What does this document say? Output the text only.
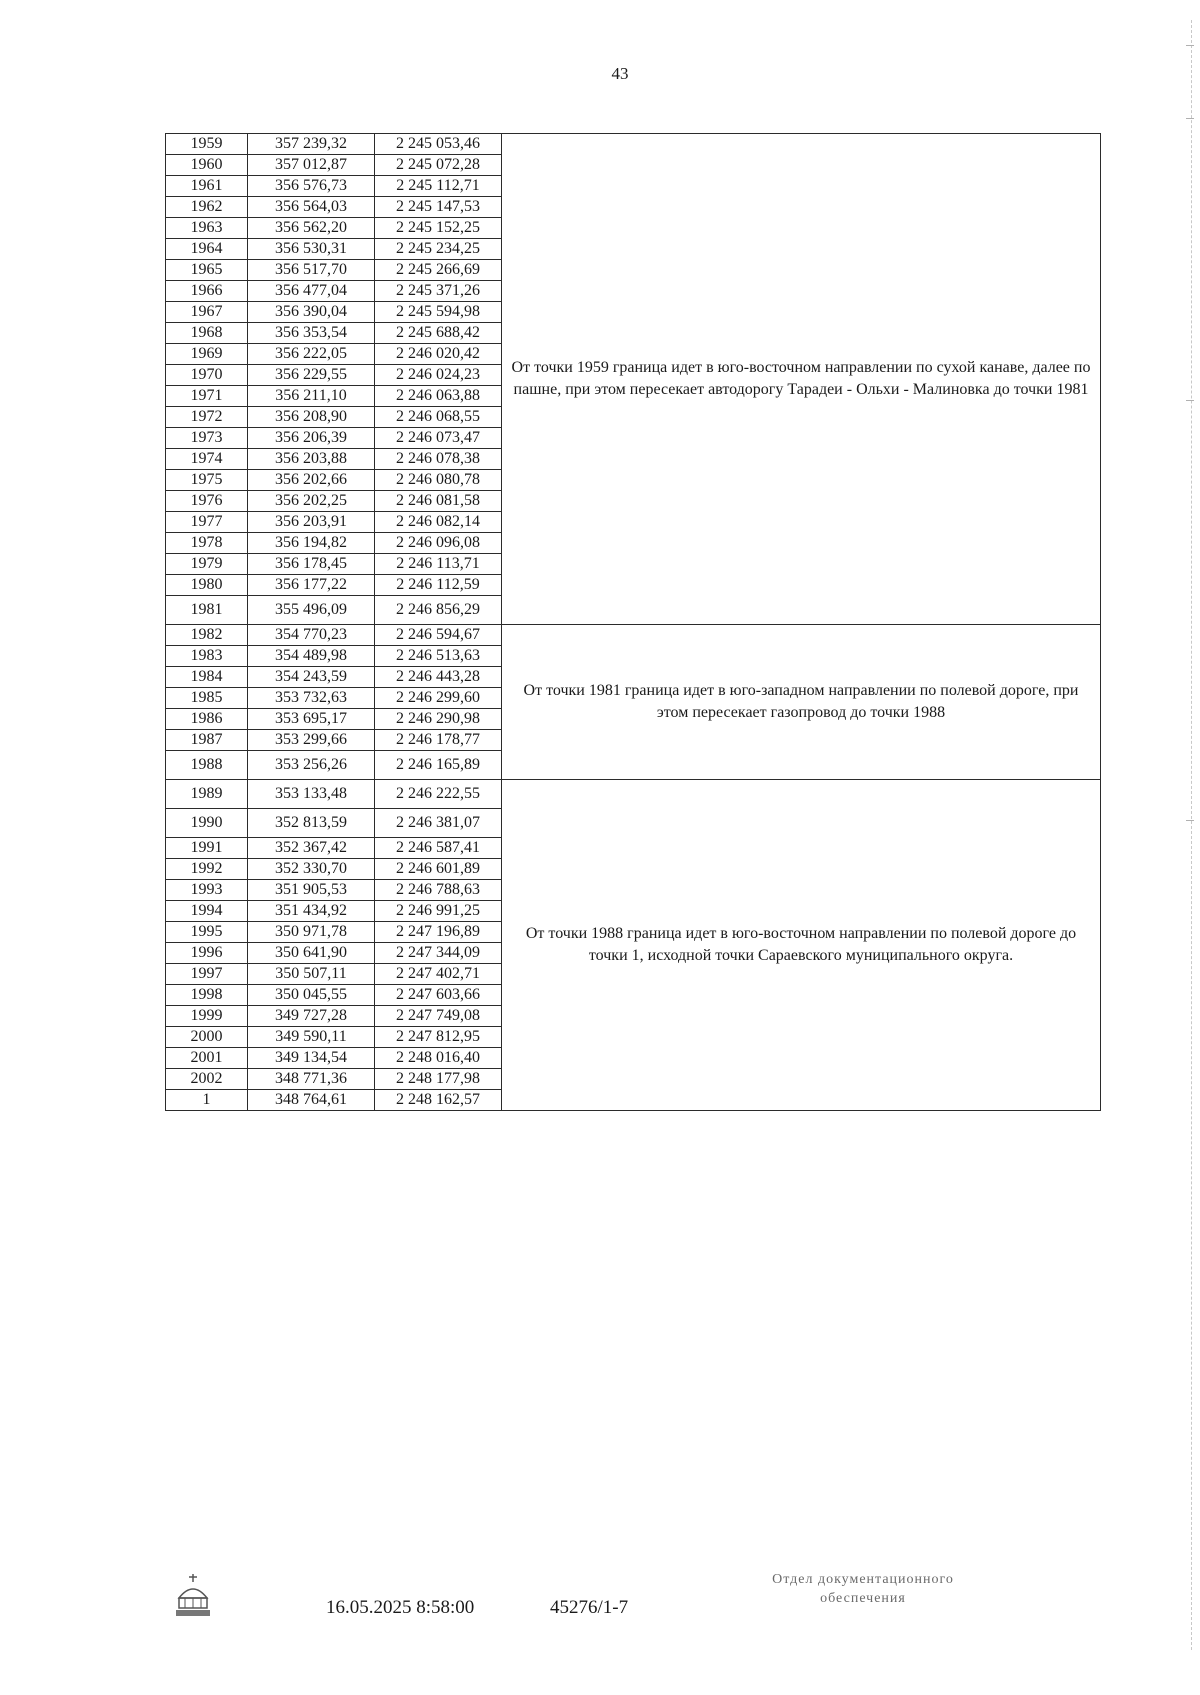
43
1959	357 239,32	2 245 053,46	От точки 1959 граница идет в юго-восточном направлении по сухой канаве, далее по пашне, при этом пересекает автодорогу Тарадеи - Ольхи - Малиновка до точки 1981
1960	357 012,87	2 245 072,28	
1961	356 576,73	2 245 112,71	
1962	356 564,03	2 245 147,53	
1963	356 562,20	2 245 152,25	
1964	356 530,31	2 245 234,25	
1965	356 517,70	2 245 266,69	
1966	356 477,04	2 245 371,26	
1967	356 390,04	2 245 594,98	
1968	356 353,54	2 245 688,42	
1969	356 222,05	2 246 020,42	
1970	356 229,55	2 246 024,23	
1971	356 211,10	2 246 063,88	
1972	356 208,90	2 246 068,55	
1973	356 206,39	2 246 073,47	
1974	356 203,88	2 246 078,38	
1975	356 202,66	2 246 080,78	
1976	356 202,25	2 246 081,58	
1977	356 203,91	2 246 082,14	
1978	356 194,82	2 246 096,08	
1979	356 178,45	2 246 113,71	
1980	356 177,22	2 246 112,59	
1981	355 496,09	2 246 856,29	
1982	354 770,23	2 246 594,67	От точки 1981 граница идет в юго-западном направлении по полевой дороге, при этом пересекает газопровод до точки 1988
1983	354 489,98	2 246 513,63	
1984	354 243,59	2 246 443,28	
1985	353 732,63	2 246 299,60	
1986	353 695,17	2 246 290,98	
1987	353 299,66	2 246 178,77	
1988	353 256,26	2 246 165,89	
1989	353 133,48	2 246 222,55	От точки 1988 граница идет в юго-восточном направлении по полевой дороге до точки 1, исходной точки Сараевского муниципального округа.
1990	352 813,59	2 246 381,07	
1991	352 367,42	2 246 587,41	
1992	352 330,70	2 246 601,89	
1993	351 905,53	2 246 788,63	
1994	351 434,92	2 246 991,25	
1995	350 971,78	2 247 196,89	
1996	350 641,90	2 247 344,09	
1997	350 507,11	2 247 402,71	
1998	350 045,55	2 247 603,66	
1999	349 727,28	2 247 749,08	
2000	349 590,11	2 247 812,95	
2001	349 134,54	2 248 016,40	
2002	348 771,36	2 248 177,98	
1	348 764,61	2 248 162,57	
16.05.2025 8:58:00	45276/1-7
Отдел документационного
обеспечения
